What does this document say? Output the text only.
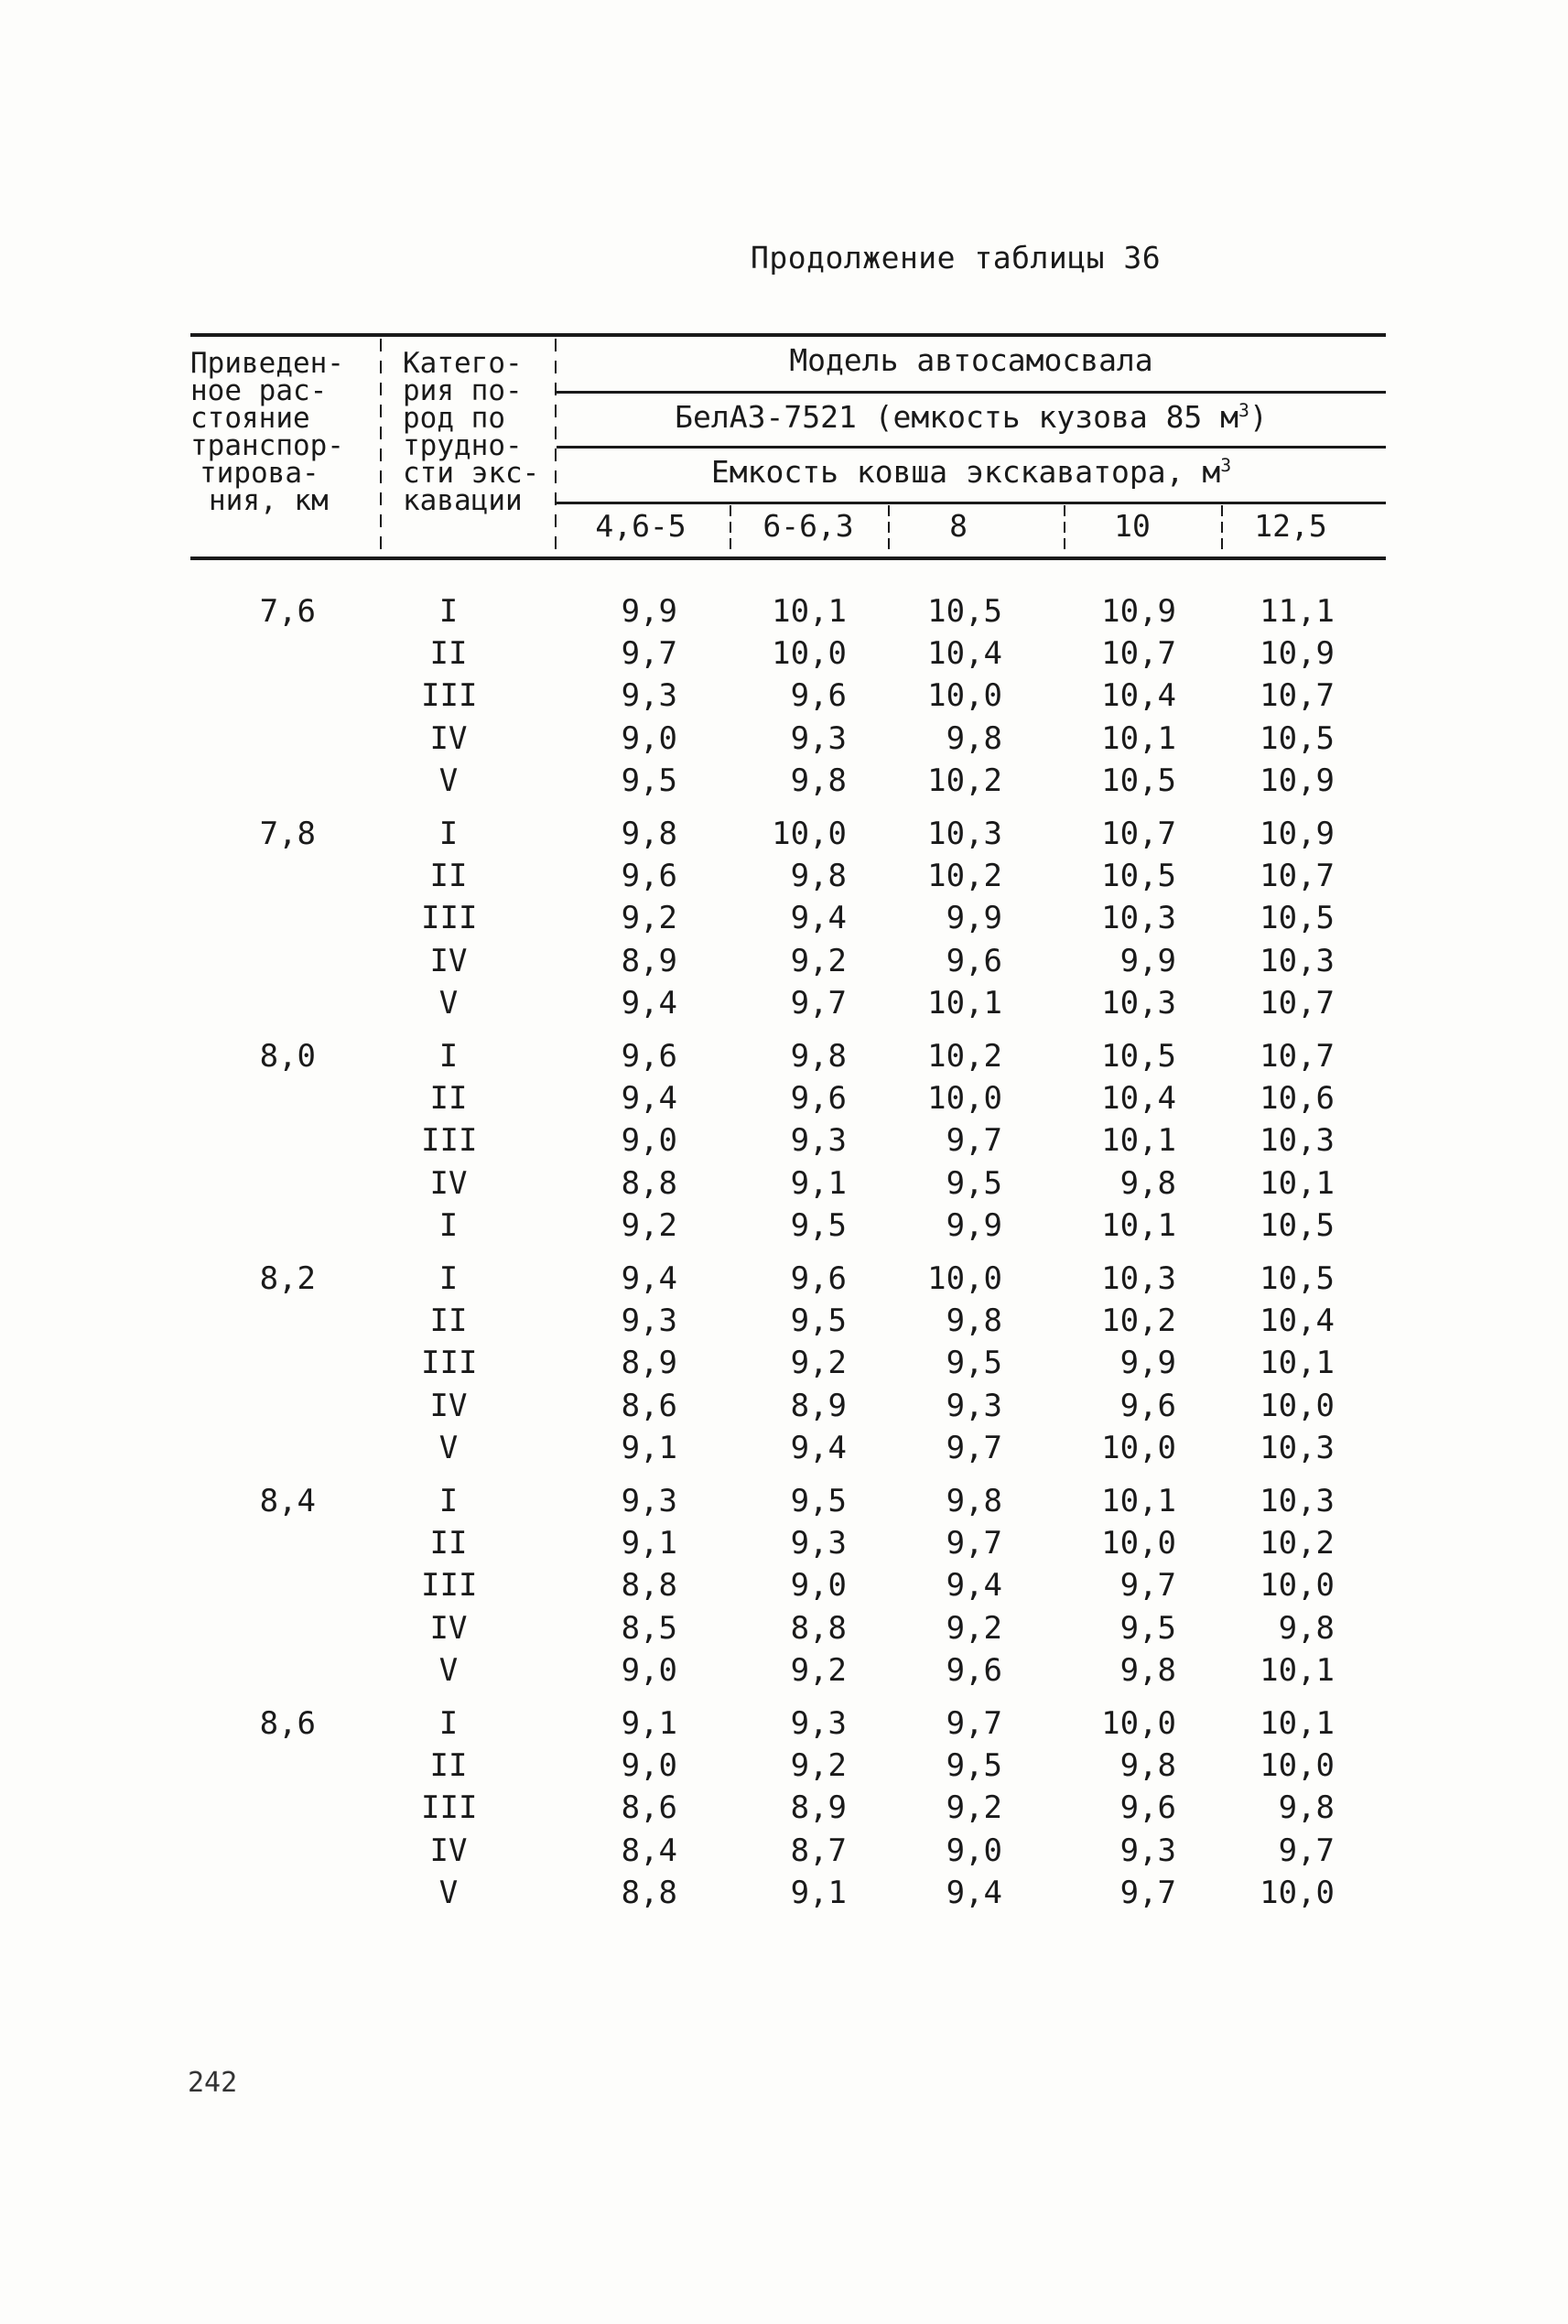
Продолжение таблицы 36
Приведен-
ное рас-
стояние
транспор-
тирова-
ния, км
Катего-
рия по-
род по
трудно-
сти экс-
кавации
Модель автосамосвала
БелАЗ-7521 (емкость кузова 85 $м^3$)
Емкость ковша экскаватора, $м^3$
4,6-5	6-6,3	8	10	12,5
7,6	I	9,9	10,1	10,5	10,9	11,1
II	9,7	10,0	10,4	10,7	10,9
III	9,3	9,6	10,0	10,4	10,7
IV	9,0	9,3	9,8	10,1	10,5
V	9,5	9,8	10,2	10,5	10,9
7,8	I	9,8	10,0	10,3	10,7	10,9
II	9,6	9,8	10,2	10,5	10,7
III	9,2	9,4	9,9	10,3	10,5
IV	8,9	9,2	9,6	9,9	10,3
V	9,4	9,7	10,1	10,3	10,7
8,0	I	9,6	9,8	10,2	10,5	10,7
II	9,4	9,6	10,0	10,4	10,6
III	9,0	9,3	9,7	10,1	10,3
IV	8,8	9,1	9,5	9,8	10,1
I	9,2	9,5	9,9	10,1	10,5
8,2	I	9,4	9,6	10,0	10,3	10,5
II	9,3	9,5	9,8	10,2	10,4
III	8,9	9,2	9,5	9,9	10,1
IV	8,6	8,9	9,3	9,6	10,0
V	9,1	9,4	9,7	10,0	10,3
8,4	I	9,3	9,5	9,8	10,1	10,3
II	9,1	9,3	9,7	10,0	10,2
III	8,8	9,0	9,4	9,7	10,0
IV	8,5	8,8	9,2	9,5	9,8
V	9,0	9,2	9,6	9,8	10,1
8,6	I	9,1	9,3	9,7	10,0	10,1
II	9,0	9,2	9,5	9,8	10,0
III	8,6	8,9	9,2	9,6	9,8
IV	8,4	8,7	9,0	9,3	9,7
V	8,8	9,1	9,4	9,7	10,0
242
